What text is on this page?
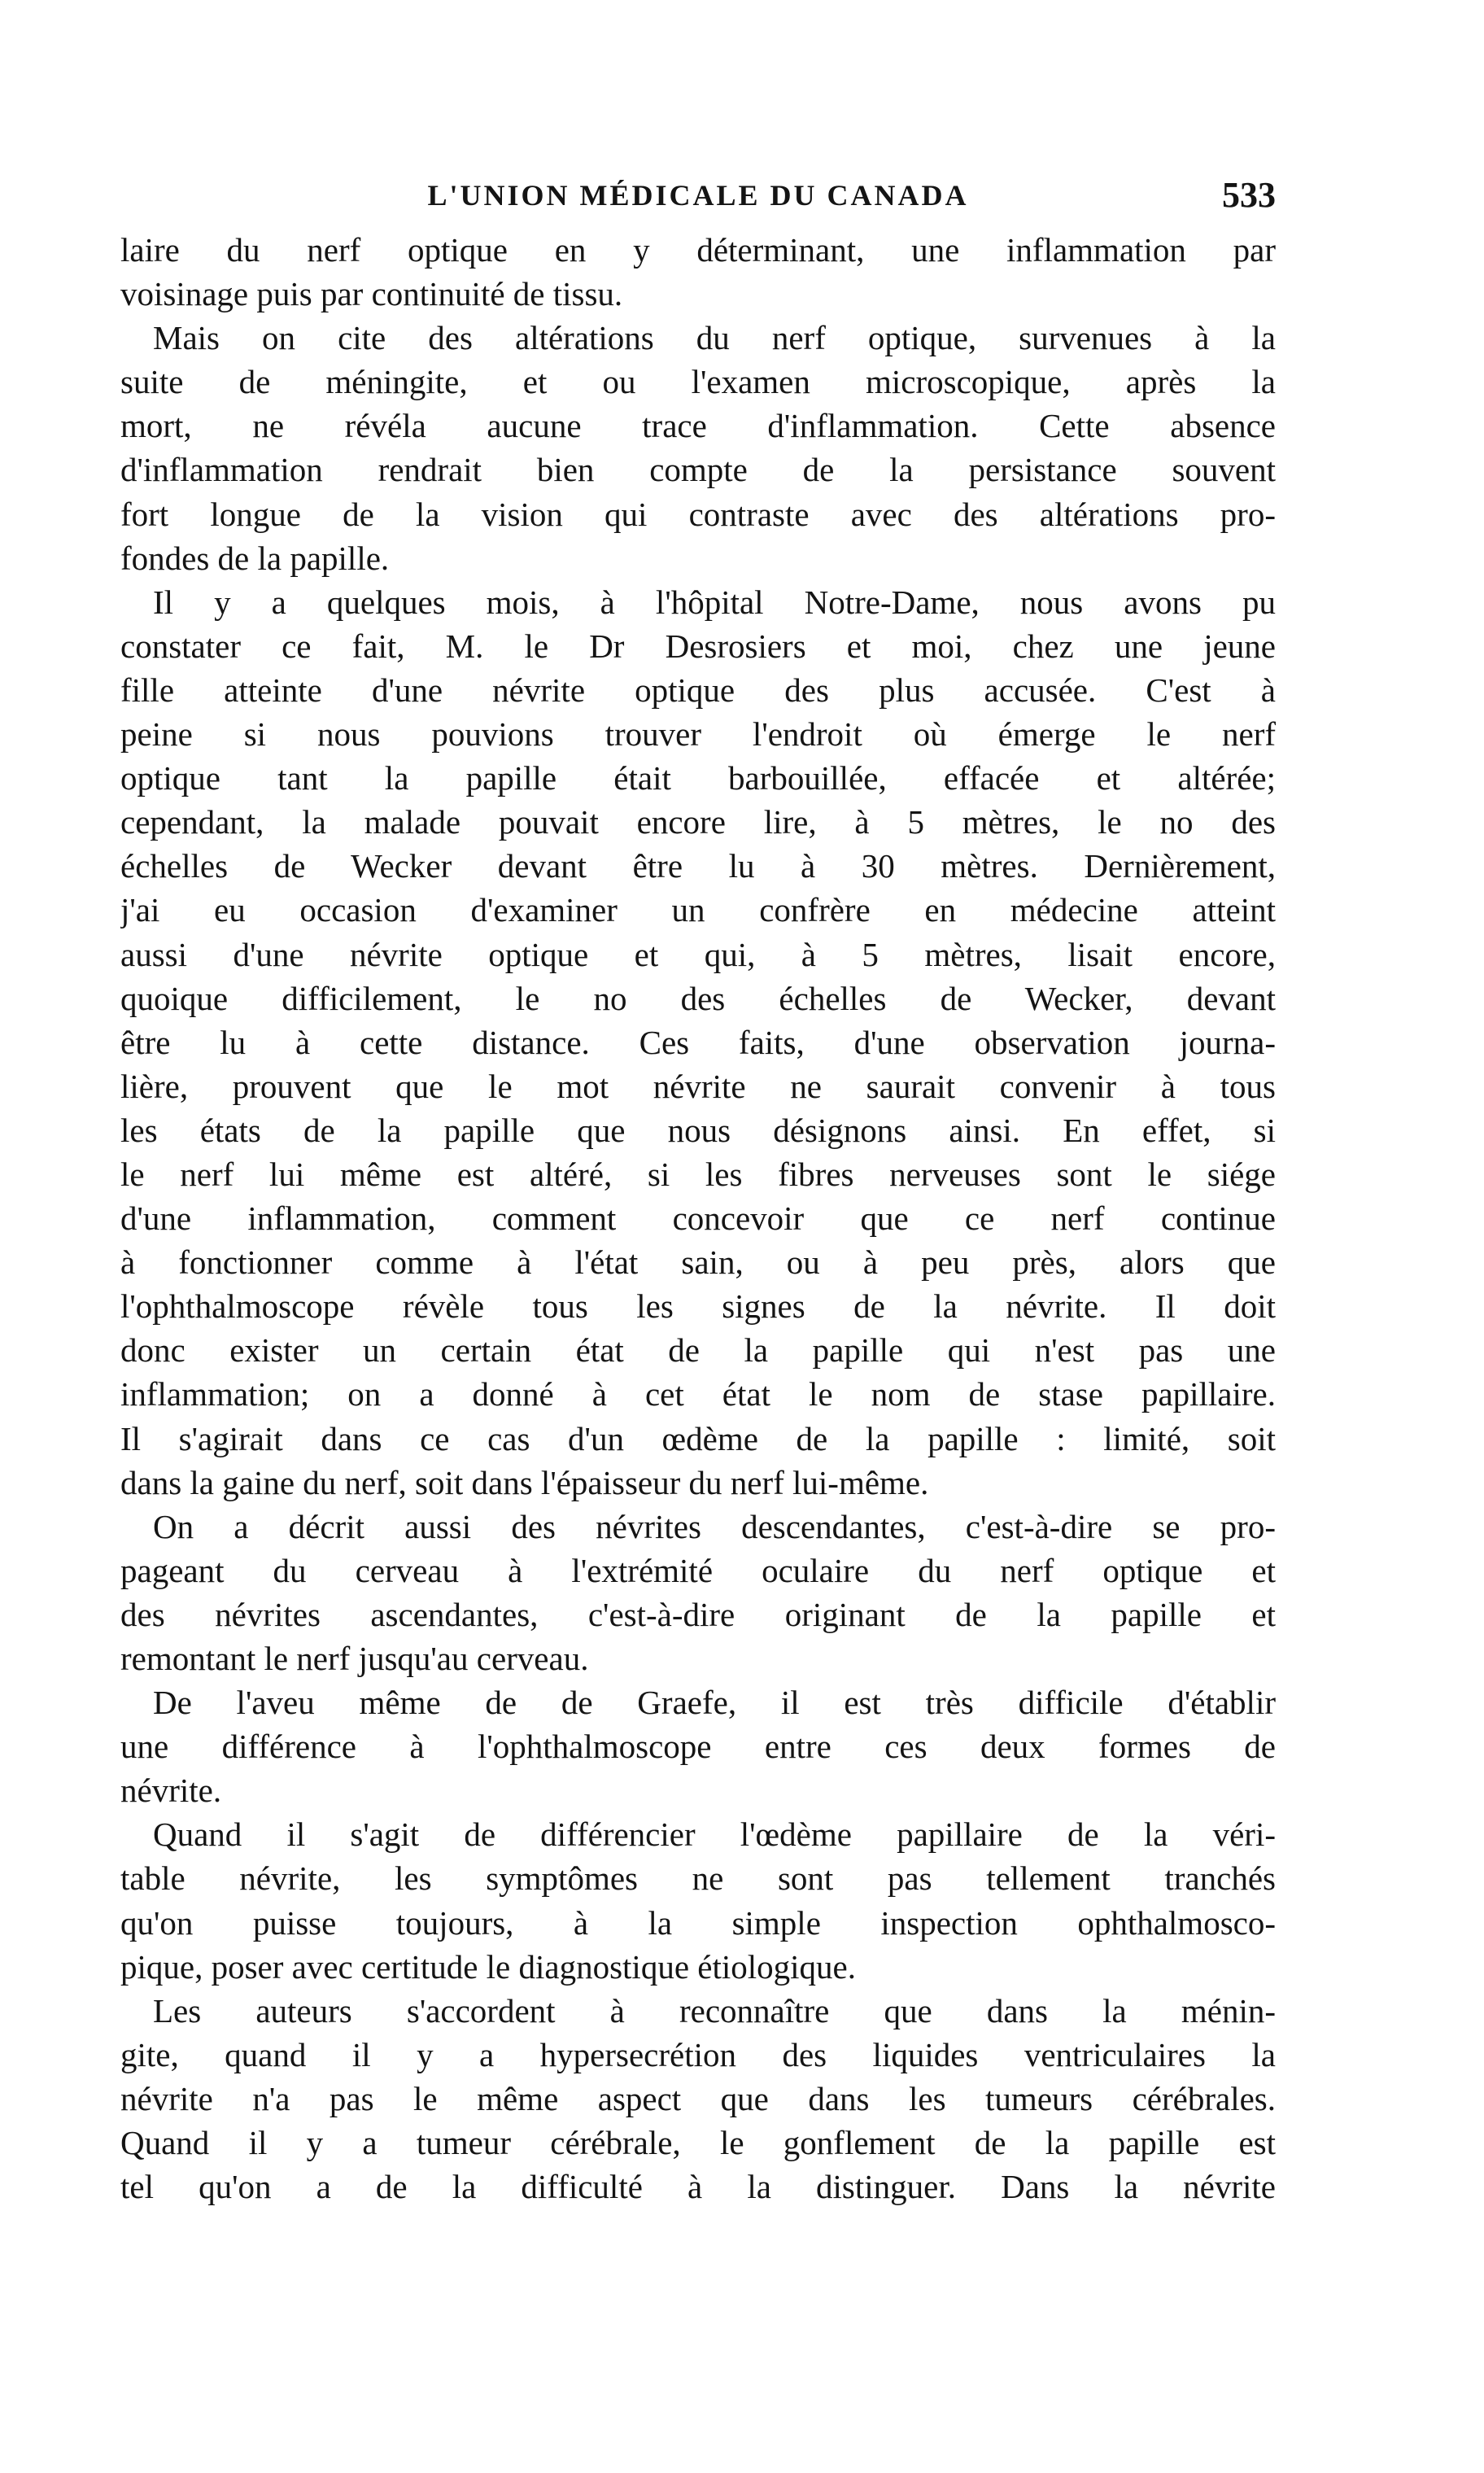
L'UNION MÉDICALE DU CANADA	533
laire du nerf optique en y déterminant, une inflammation par
voisinage puis par continuité de tissu.
Mais on cite des altérations du nerf optique, survenues à la
suite de méningite, et ou l'examen microscopique, après la
mort, ne révéla aucune trace d'inflammation. Cette absence
d'inflammation rendrait bien compte de la persistance souvent
fort longue de la vision qui contraste avec des altérations pro-
fondes de la papille.
Il y a quelques mois, à l'hôpital Notre-Dame, nous avons pu
constater ce fait, M. le Dr Desrosiers et moi, chez une jeune
fille atteinte d'une névrite optique des plus accusée. C'est à
peine si nous pouvions trouver l'endroit où émerge le nerf
optique tant la papille était barbouillée, effacée et altérée;
cependant, la malade pouvait encore lire, à 5 mètres, le no des
échelles de Wecker devant être lu à 30 mètres. Dernièrement,
j'ai eu occasion d'examiner un confrère en médecine atteint
aussi d'une névrite optique et qui, à 5 mètres, lisait encore,
quoique difficilement, le no des échelles de Wecker, devant
être lu à cette distance. Ces faits, d'une observation journa-
lière, prouvent que le mot névrite ne saurait convenir à tous
les états de la papille que nous désignons ainsi. En effet, si
le nerf lui même est altéré, si les fibres nerveuses sont le siége
d'une inflammation, comment concevoir que ce nerf continue
à fonctionner comme à l'état sain, ou à peu près, alors que
l'ophthalmoscope révèle tous les signes de la névrite. Il doit
donc exister un certain état de la papille qui n'est pas une
inflammation; on a donné à cet état le nom de stase papillaire.
Il s'agirait dans ce cas d'un œdème de la papille : limité, soit
dans la gaine du nerf, soit dans l'épaisseur du nerf lui-même.
On a décrit aussi des névrites descendantes, c'est-à-dire se pro-
pageant du cerveau à l'extrémité oculaire du nerf optique et
des névrites ascendantes, c'est-à-dire originant de la papille et
remontant le nerf jusqu'au cerveau.
De l'aveu même de de Graefe, il est très difficile d'établir
une différence à l'ophthalmoscope entre ces deux formes de
névrite.
Quand il s'agit de différencier l'œdème papillaire de la véri-
table névrite, les symptômes ne sont pas tellement tranchés
qu'on puisse toujours, à la simple inspection ophthalmosco-
pique, poser avec certitude le diagnostique étiologique.
Les auteurs s'accordent à reconnaître que dans la ménin-
gite, quand il y a hypersecrétion des liquides ventriculaires la
névrite n'a pas le même aspect que dans les tumeurs cérébrales.
Quand il y a tumeur cérébrale, le gonflement de la papille est
tel qu'on a de la difficulté à la distinguer. Dans la névrite
